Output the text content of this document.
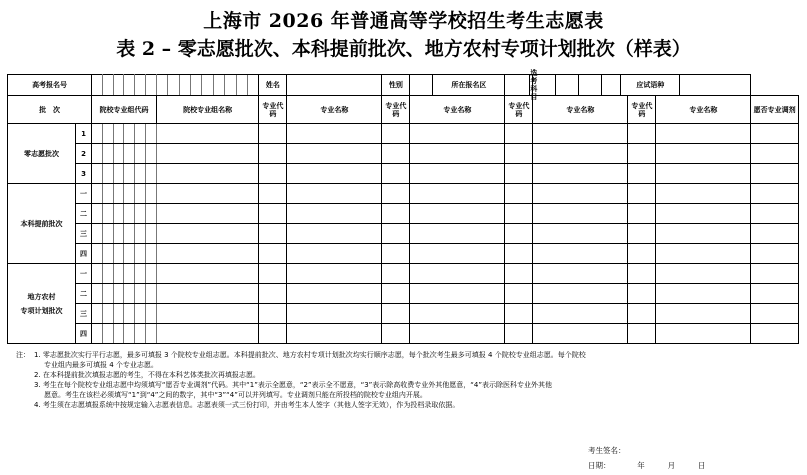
上海市 2026 年普通高等学校招生考生志愿表
表 2 – 零志愿批次、本科提前批次、地方农村专项计划批次（样表）
高考报名号									姓名		性别	所在报名区	选考科目	应试语种			

批　次		院校专业组代码						院校专业组名称	专业代码	专业名称	专业代码	专业名称	专业代码	专业名称	专业代码	专业名称	愿否专业调剂
零志愿批次	1																
	2																
	3																
本科提前批次	一																
	二																
	三																
	四																

地方农村
专项计划批次	一																
	二																
	三																
	四																
注： 1. 零志愿批次实行平行志愿，最多可填报 3 个院校专业组志愿。本科提前批次、地方农村专项计划批次均实行顺序志愿，每个批次考生最多可填报 4 个院校专业组志愿。每个院校
专业组内最多可填报 4 个专业志愿。
2. 在本科提前批次填报志愿的考生，不得在本科艺体类批次再填报志愿。
3. 考生在每个院校专业组志愿中均须填写“愿否专业调剂”代码。其中“1”表示全愿意，“2”表示全不愿意，“3”表示除高收费专业外其他愿意，“4”表示除医科专业外其他
愿意。考生在该栏必须填写“1”到“4”之间的数字，其中“3”“4”可以并列填写。专业调剂只能在所投档的院校专业组内开展。
4. 考生须在志愿填报系统中按规定输入志愿表信息。志愿表须一式三份打印，并由考生本人签字（其他人签字无效），作为投档录取依据。
考生签名：
日期：	年	月	日
